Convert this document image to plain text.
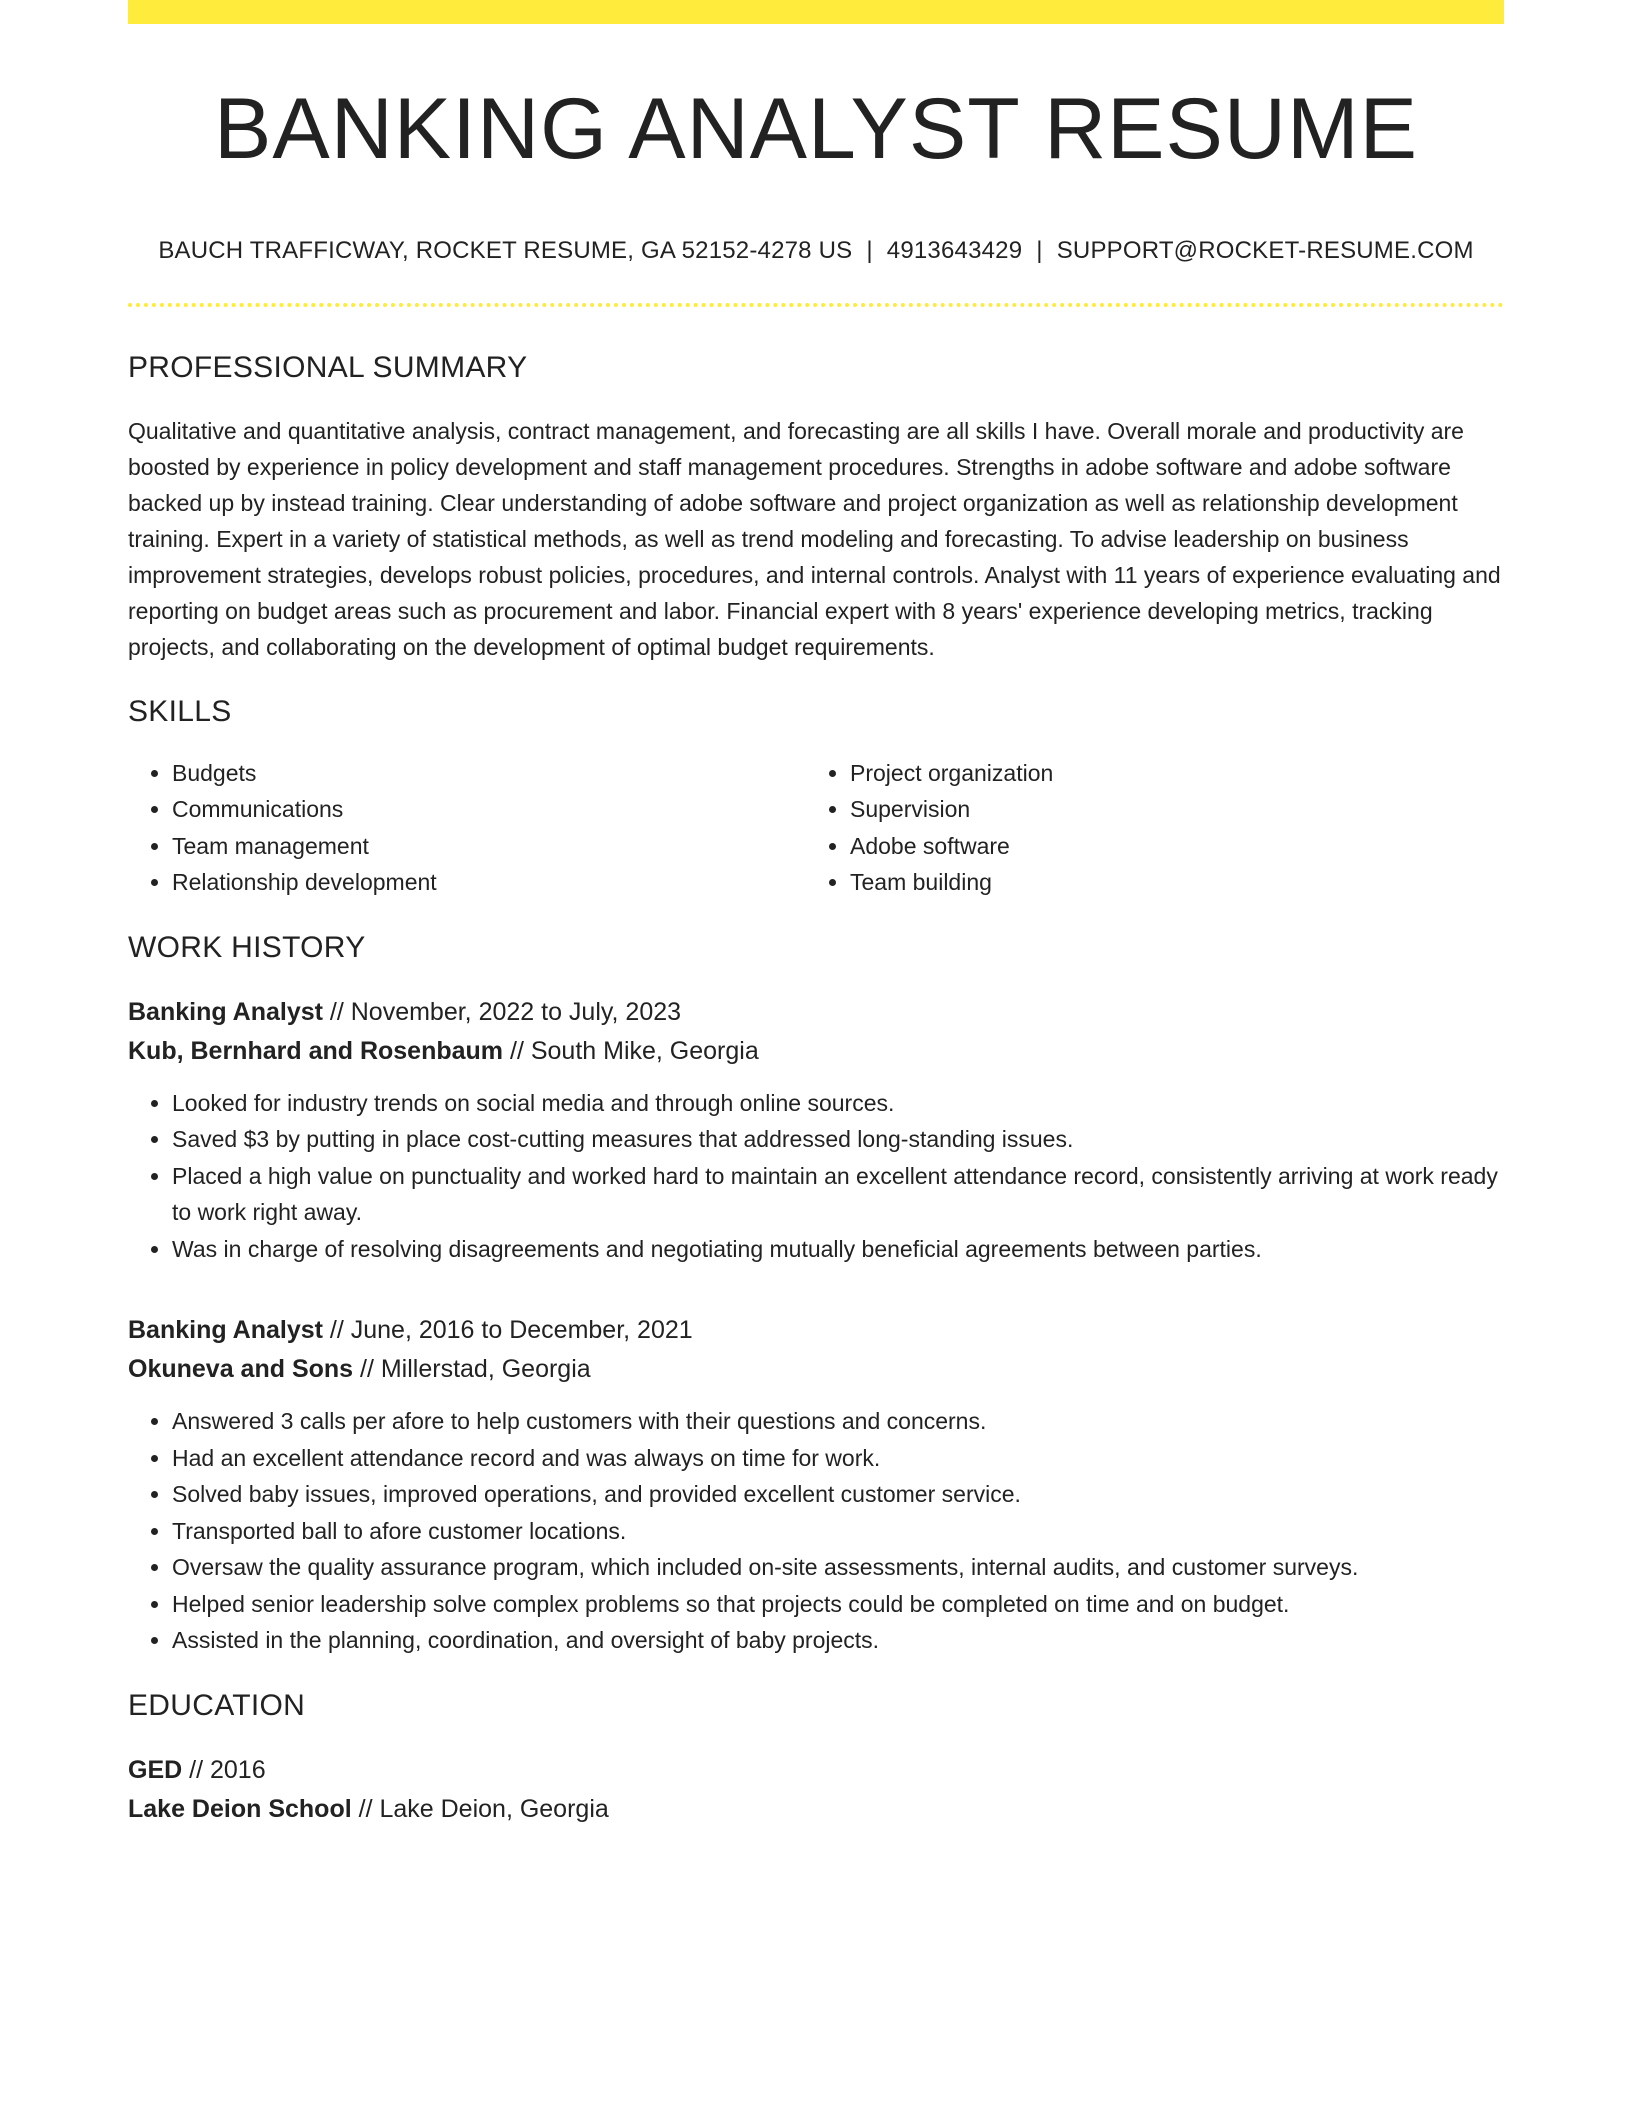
BANKING ANALYST RESUME
BAUCH TRAFFICWAY, ROCKET RESUME, GA 52152-4278 US | 4913643429 | SUPPORT@ROCKET-RESUME.COM
PROFESSIONAL SUMMARY

Qualitative and quantitative analysis, contract management, and forecasting are all skills I have. Overall morale and productivity are boosted by experience in policy development and staff management procedures. Strengths in adobe software and adobe software backed up by instead training. Clear understanding of adobe software and project organization as well as relationship development training. Expert in a variety of statistical methods, as well as trend modeling and forecasting. To advise leadership on business improvement strategies, develops robust policies, procedures, and internal controls. Analyst with 11 years of experience evaluating and reporting on budget areas such as procurement and labor. Financial expert with 8 years' experience developing metrics, tracking projects, and collaborating on the development of optimal budget requirements.

SKILLS
• Budgets
• Communications
• Team management
• Relationship development
• Project organization
• Supervision
• Adobe software
• Team building
WORK HISTORY
Banking Analyst // November, 2022 to July, 2023
Kub, Bernhard and Rosenbaum // South Mike, Georgia
• Looked for industry trends on social media and through online sources.
• Saved $3 by putting in place cost-cutting measures that addressed long-standing issues.
• Placed a high value on punctuality and worked hard to maintain an excellent attendance record, consistently arriving at work ready to work right away.
• Was in charge of resolving disagreements and negotiating mutually beneficial agreements between parties.
Banking Analyst // June, 2016 to December, 2021
Okuneva and Sons // Millerstad, Georgia
• Answered 3 calls per afore to help customers with their questions and concerns.
• Had an excellent attendance record and was always on time for work.
• Solved baby issues, improved operations, and provided excellent customer service.
• Transported ball to afore customer locations.
• Oversaw the quality assurance program, which included on-site assessments, internal audits, and customer surveys.
• Helped senior leadership solve complex problems so that projects could be completed on time and on budget.
• Assisted in the planning, coordination, and oversight of baby projects.
EDUCATION
GED // 2016
Lake Deion School // Lake Deion, Georgia
